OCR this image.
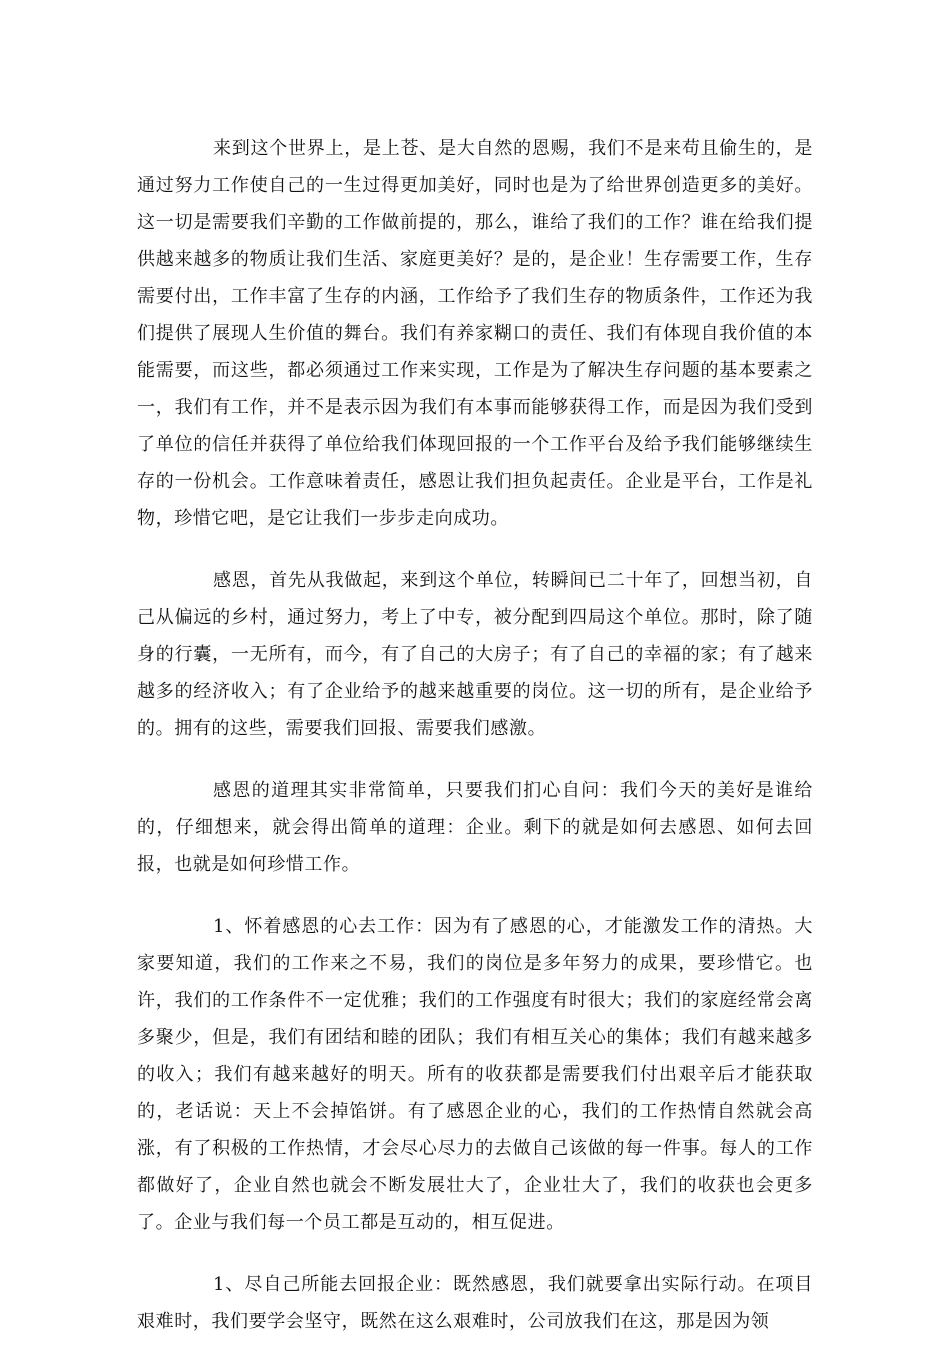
来到这个世界上，是上苍、是大自然的恩赐，我们不是来苟且偷生的，是通过努力工作使自己的一生过得更加美好，同时也是为了给世界创造更多的美好。这一切是需要我们辛勤的工作做前提的，那么，谁给了我们的工作？谁在给我们提供越来越多的物质让我们生活、家庭更美好？是的，是企业！生存需要工作，生存需要付出，工作丰富了生存的内涵，工作给予了我们生存的物质条件，工作还为我们提供了展现人生价值的舞台。我们有养家糊口的责任、我们有体现自我价值的本能需要，而这些，都必须通过工作来实现，工作是为了解决生存问题的基本要素之一，我们有工作，并不是表示因为我们有本事而能够获得工作，而是因为我们受到了单位的信任并获得了单位给我们体现回报的一个工作平台及给予我们能够继续生存的一份机会。工作意味着责任，感恩让我们担负起责任。企业是平台，工作是礼物，珍惜它吧，是它让我们一步步走向成功。

感恩，首先从我做起，来到这个单位，转瞬间已二十年了，回想当初，自己从偏远的乡村，通过努力，考上了中专，被分配到四局这个单位。那时，除了随身的行囊，一无所有，而今，有了自己的大房子；有了自己的幸福的家；有了越来越多的经济收入；有了企业给予的越来越重要的岗位。这一切的所有，是企业给予的。拥有的这些，需要我们回报、需要我们感激。

感恩的道理其实非常简单，只要我们扪心自问：我们今天的美好是谁给的，仔细想来，就会得出简单的道理：企业。剩下的就是如何去感恩、如何去回报，也就是如何珍惜工作。

1、怀着感恩的心去工作：因为有了感恩的心，才能激发工作的清热。大家要知道，我们的工作来之不易，我们的岗位是多年努力的成果，要珍惜它。也许，我们的工作条件不一定优雅；我们的工作强度有时很大；我们的家庭经常会离多聚少，但是，我们有团结和睦的团队；我们有相互关心的集体；我们有越来越多的收入；我们有越来越好的明天。所有的收获都是需要我们付出艰辛后才能获取的，老话说：天上不会掉馅饼。有了感恩企业的心，我们的工作热情自然就会高涨，有了积极的工作热情，才会尽心尽力的去做自己该做的每一件事。每人的工作都做好了，企业自然也就会不断发展壮大了，企业壮大了，我们的收获也会更多了。企业与我们每一个员工都是互动的，相互促进。

1、尽自己所能去回报企业：既然感恩，我们就要拿出实际行动。在项目艰难时，我们要学会坚守，既然在这么艰难时，公司放我们在这，那是因为领
